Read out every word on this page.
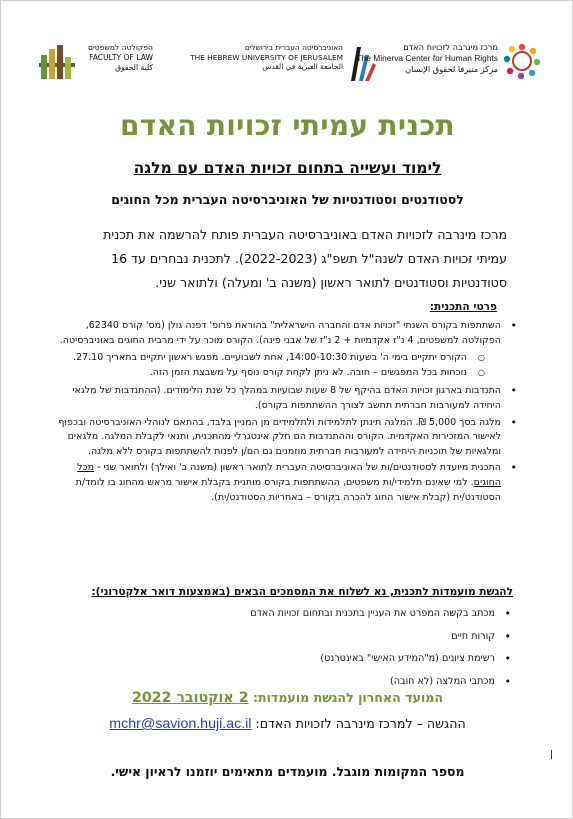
הפקולטה למשפטים
FACULTY OF LAW
كلية الحقوق
האוניברסיטה העברית בירושלים
THE HEBREW UNIVERSITY OF JERUSALEM
الجامعة العبرية في القدس
מרכז מינרבה לזכויות האדם
The Minerva Center for Human Rights
مركز منيرفا لحقوق الإنسان
תכנית עמיתי זכויות האדם
לימוד ועשייה בתחום זכויות האדם עם מלגה
לסטודנטים וסטודנטיות של האוניברסיטה העברית מכל החוגים
מרכז מינרבה לזכויות האדם באוניברסיטה העברית פותח להרשמה את תכנית עמיתי זכויות האדם לשנה"ל תשפ"ג (2022-2023). לתכנית נבחרים עד 16 סטודנטיות וסטודנטים לתואר ראשון (משנה ב' ומעלה) ולתואר שני.
פרטי התכנית:
• השתתפות בקורס השנתי "זכויות אדם והחברה הישראלית" בהוראת פרופ' דפנה גולן (מס' קורס 62340, הפקולטה למשפטים, 4 נ"ז אקדמיות + 2 נ"ז של אבני פינה). הקורס מוכר על ידי מרבית החוגים באוניברסיטה.
○ הקורס יתקיים בימי ה' בשעות 14:00-10:30, אחת לשבועיים. מפגש ראשון יתקיים בתאריך 27.10.
○ נוכחות בכל המפגשים – חובה. לא ניתן לקחת קורס נוסף על משבצת הזמן הזה.
• התנדבות בארגון זכויות האדם בהיקף של 8 שעות שבועיות במהלך כל שנת הלימודים. (ההתנדבות של מלגאי היחידה למעורבות חברתית תחשב לצורך ההשתתפות בקורס).
• מלגה בסך 5,000 ₪. המלגה תינתן לתלמידות ולתלמידים מן המניין בלבד, בהתאם לנוהלי האוניברסיטה ובכפוף לאישור המזכירות האקדמית. הקורס וההתנדבות הם חלק אינטגרלי מהתכנית, ותנאי לקבלת המלגה. מלגאים ומלגאיות של תוכניות היחידה למעורבות חברתית מוזמנים גם הם/ן לפנות להשתתפות בקורס ללא מלגה.
• התכנית מיועדת לסטודנטים/ות של האוניברסיטה העברית לתואר ראשון (משנה ב' ואילך) ולתואר שני - מכל החוגים. למי שאינם תלמידי/ות משפטים, ההשתתפות בקורס מותנית בקבלת אישור מראש מהחוג בו לומד/ת הסטודנט/ית (קבלת אישור החוג להכרה בקורס – באחריות הסטודנט/ית).
להגשת מועמדות לתכנית, נא לשלוח את המסמכים הבאים (באמצעות דואר אלקטרוני):
• מכתב בקשה המפרט את העניין בתכנית ובתחום זכויות האדם
• קורות חיים
• רשימת ציונים (מ"המידע האישי" באינטרנט)
• מכתבי המלצה (לא חובה)
המועד האחרון להגשת מועמדות: 2 אוקטובר 2022
ההגשה – למרכז מינרבה לזכויות האדם: mchr@savion.huji.ac.il
מספר המקומות מוגבל. מועמדים מתאימים יוזמנו לראיון אישי.
